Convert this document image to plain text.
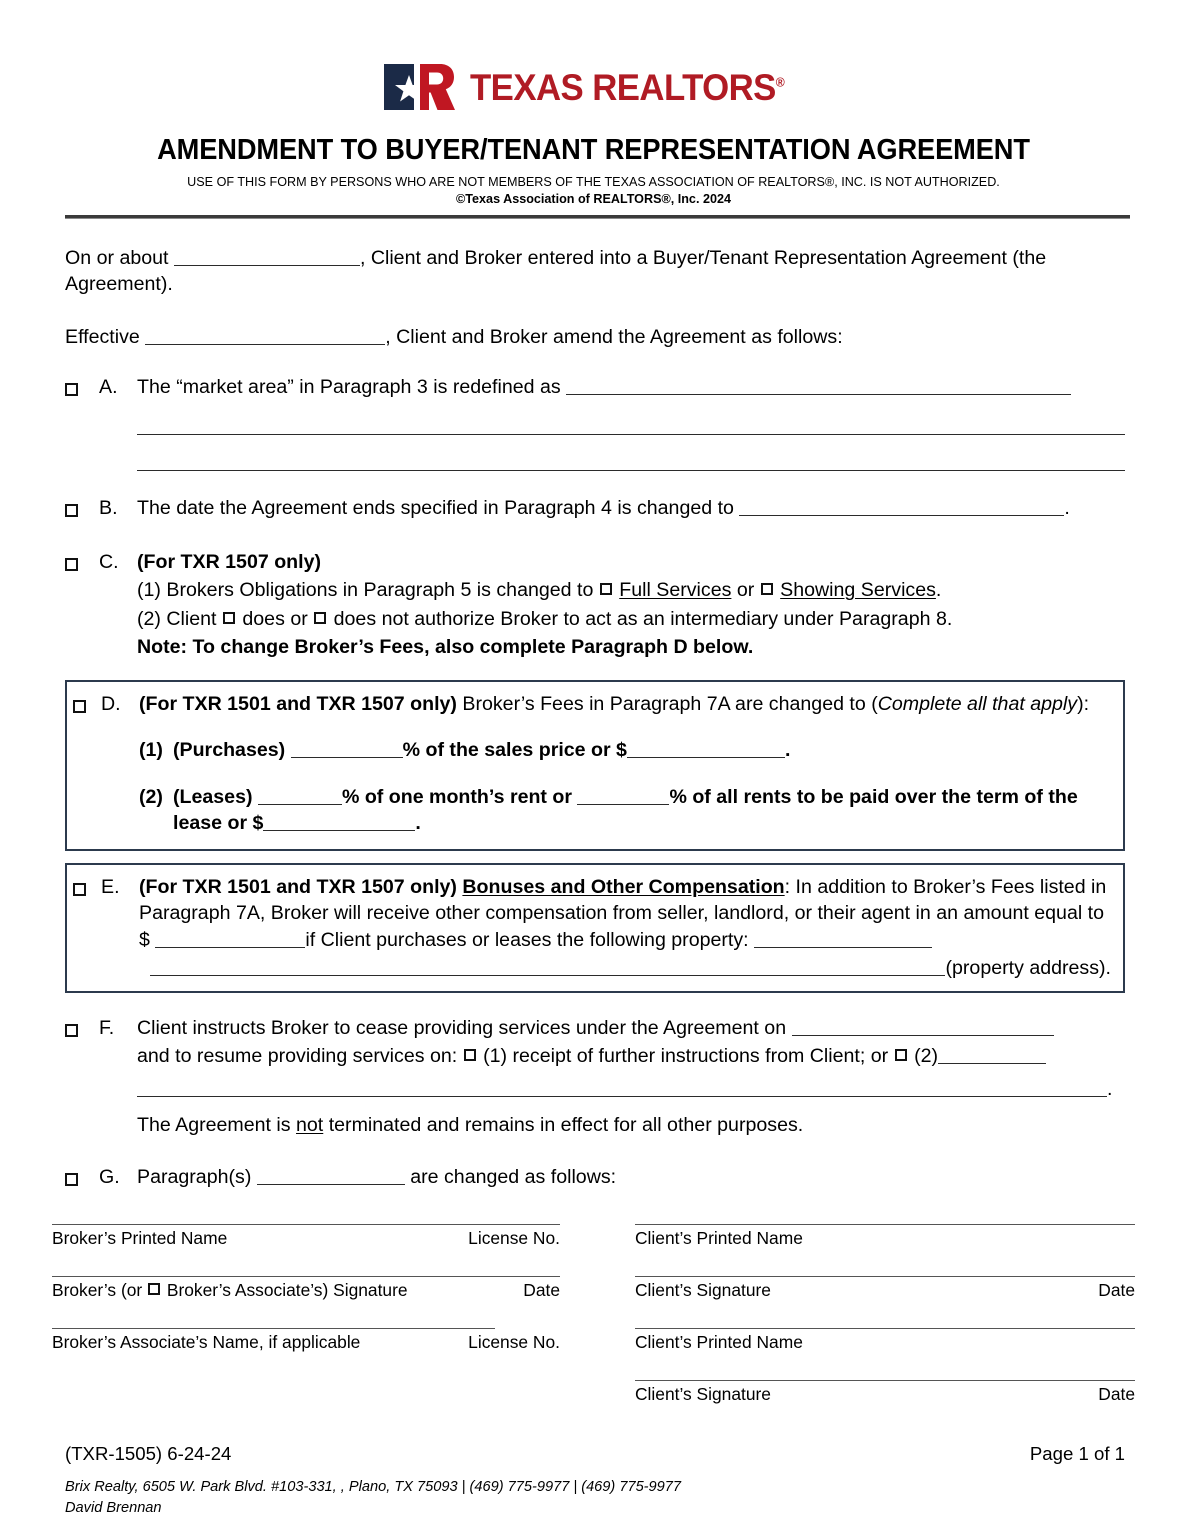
TEXAS REALTORS®
AMENDMENT TO BUYER/TENANT REPRESENTATION AGREEMENT
USE OF THIS FORM BY PERSONS WHO ARE NOT MEMBERS OF THE TEXAS ASSOCIATION OF REALTORS®, INC. IS NOT AUTHORIZED.
©Texas Association of REALTORS®, Inc. 2024
On or about	, Client and Broker entered into a Buyer/Tenant Representation Agreement (the Agreement).
Effective	, Client and Broker amend the Agreement as follows:
A. The “market area” in Paragraph 3 is redefined as
B. The date the Agreement ends specified in Paragraph 4 is changed to	.
C. (For TXR 1507 only)
(1) Brokers Obligations in Paragraph 5 is changed to  Full Services or  Showing Services.
(2) Client  does or  does not authorize Broker to act as an intermediary under Paragraph 8.
Note: To change Broker’s Fees, also complete Paragraph D below.
D. (For TXR 1501 and TXR 1507 only) Broker’s Fees in Paragraph 7A are changed to (Complete all that apply):
(1) (Purchases)	% of the sales price or $	.
(2) (Leases)	% of one month’s rent or	% of all rents to be paid over the term of the lease or $	.
E. (For TXR 1501 and TXR 1507 only) Bonuses and Other Compensation: In addition to Broker’s Fees listed in Paragraph 7A, Broker will receive other compensation from seller, landlord, or their agent in an amount equal to $	if Client purchases or leases the following property:
(property address).
F.	Client instructs Broker to cease providing services under the Agreement on
and to resume providing services on:  (1) receipt of further instructions from Client; or  (2)
.
The Agreement is not terminated and remains in effect for all other purposes.
G. Paragraph(s)	are changed as follows:
Broker’s Printed Name	License No.
Broker’s (or  Broker’s Associate’s) Signature	Date
Broker’s Associate’s Name, if applicable	License No.
Client’s Printed Name
Client’s Signature	Date
Client’s Printed Name
Client’s Signature	Date
(TXR-1505) 6-24-24	Page 1 of 1
Brix Realty, 6505 W. Park Blvd. #103-331, , Plano, TX 75093 | (469) 775-9977 | (469) 775-9977
David Brennan
